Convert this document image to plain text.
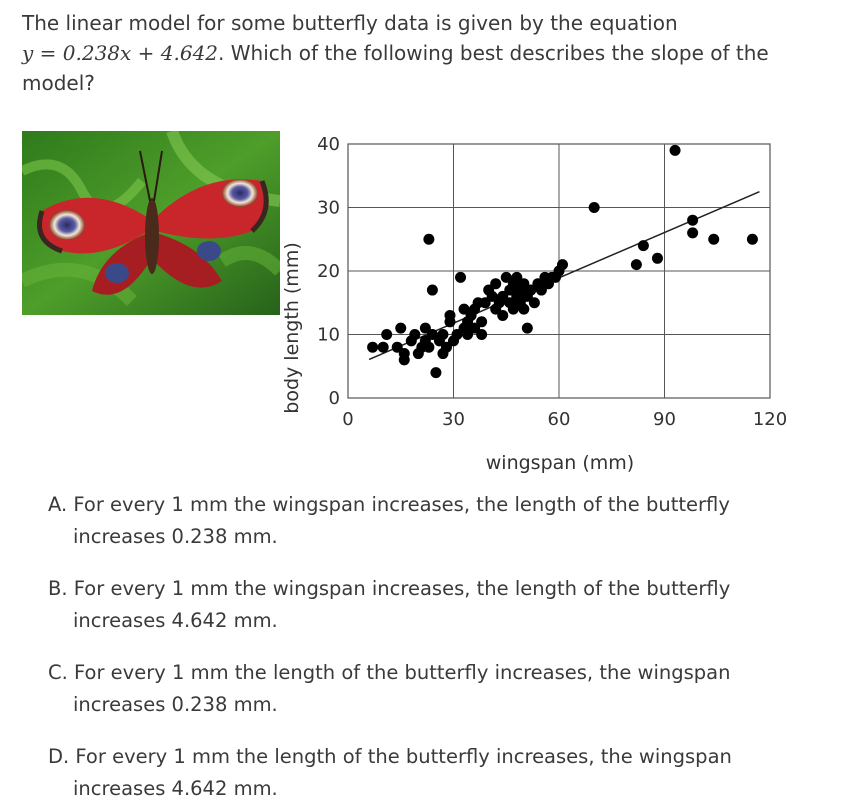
The linear model for some butterfly data is given by the equation
y = 0.238x + 4.642. Which of the following best describes the slope of the
model?
0	30	60	90	120
0
10
20
30
40
wingspan (mm)
body length (mm)
A. For every 1 mm the wingspan increases, the length of the butterfly
increases 0.238 mm.
B. For every 1 mm the wingspan increases, the length of the butterfly
increases 4.642 mm.
C. For every 1 mm the length of the butterfly increases, the wingspan
increases 0.238 mm.
D. For every 1 mm the length of the butterfly increases, the wingspan
increases 4.642 mm.
